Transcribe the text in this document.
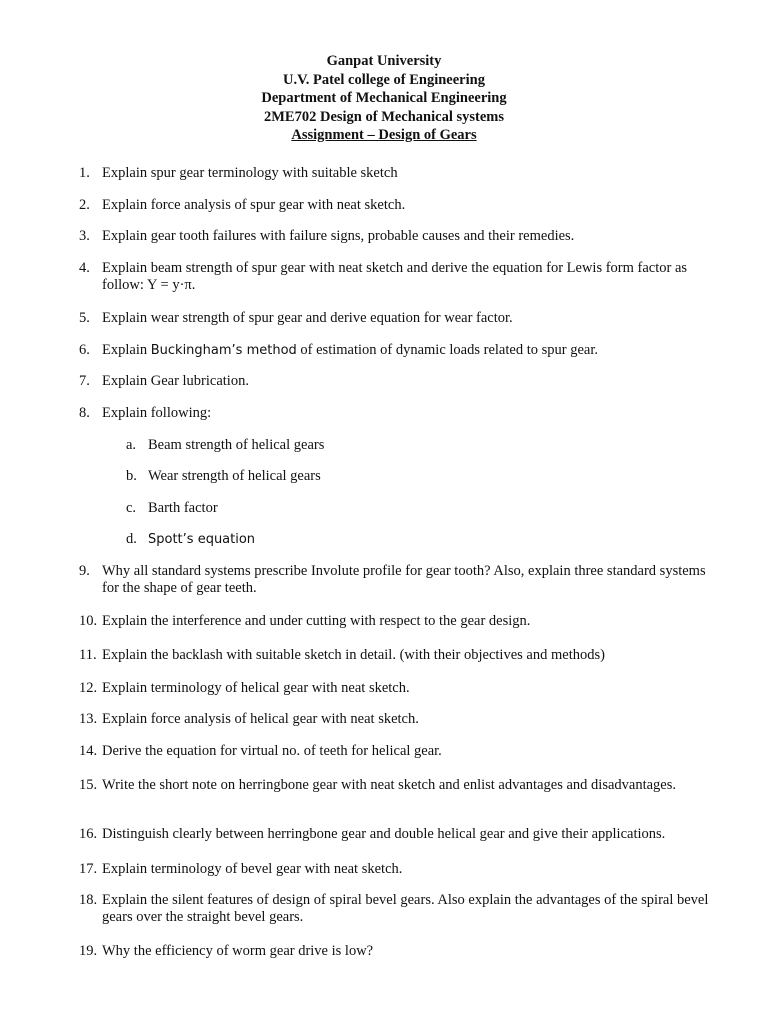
Ganpat University
U.V. Patel college of Engineering
Department of Mechanical Engineering
2ME702 Design of Mechanical systems
Assignment – Design of Gears
1. Explain spur gear terminology with suitable sketch
2. Explain force analysis of spur gear with neat sketch.
3. Explain gear tooth failures with failure signs, probable causes and their remedies.
4. Explain beam strength of spur gear with neat sketch and derive the equation for Lewis form factor as follow: Y = y·π.
5. Explain wear strength of spur gear and derive equation for wear factor.
6. Explain Buckingham’s method of estimation of dynamic loads related to spur gear.
7. Explain Gear lubrication.
8. Explain following:
a. Beam strength of helical gears
b. Wear strength of helical gears
c. Barth factor
d. Spott’s equation
9. Why all standard systems prescribe Involute profile for gear tooth? Also, explain three standard systems for the shape of gear teeth.
10. Explain the interference and under cutting with respect to the gear design.
11. Explain the backlash with suitable sketch in detail. (with their objectives and methods)
12. Explain terminology of helical gear with neat sketch.
13. Explain force analysis of helical gear with neat sketch.
14. Derive the equation for virtual no. of teeth for helical gear.
15. Write the short note on herringbone gear with neat sketch and enlist advantages and disadvantages.
16. Distinguish clearly between herringbone gear and double helical gear and give their applications.
17. Explain terminology of bevel gear with neat sketch.
18. Explain the silent features of design of spiral bevel gears. Also explain the advantages of the spiral bevel gears over the straight bevel gears.
19. Why the efficiency of worm gear drive is low?
